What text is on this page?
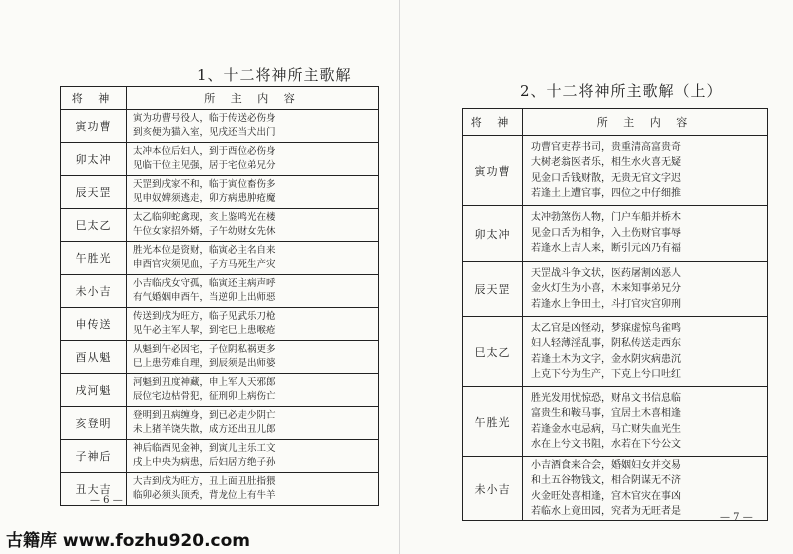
1、十二将神所主歌解
将 神	所 主 内 容
寅功曹	寅为功曹号役人，临于传送必伤身
到亥便为猫入室，见戌还当犬出门

卯太冲	太冲本位后妇人，到于酉位必伤身
见临干位主见强，居于宅位弟兄分

辰天罡	天罡到戌家不和，临于寅位畜伤多
见申奴婢须逃走，卯方病患肿疮魔

巳太乙	太乙临卯蛇禽现，亥上鉴鸣光在楼
午位女家招外婿，子午幼财女先休

午胜光	胜光本位是资财，临寅必主名自来
申酉官灾须见血，子方马死生产灾

未小吉	小吉临戌女守孤，临寅还主病声呼
有气婚姻申酉午，当逆卯上出师惡

申传送	传送到戌为旺方，临子见武乐刀枪
见午必主军人挈，到宅巳上患喉疮

酉从魁	从魁到午必因宅，子位阴私祸更多
巳上患劳难自理，到辰须是出师婆

戌河魁	河魁到丑度神藏，申上军人天邪郎
辰位宅边枯骨犯，征刑卯上病伤亡

亥登明	登明到丑病缠身，到已必走少阴亡
未上猪羊饶失散，成方还出丑儿郎

子神后	神后临酉见金神，到寅儿主乐工文
戌上中央为病患，后妇居方绝子孙

丑大吉	大吉到戌为旺方，丑上面丑肚指猥
临卯必须头顶秃，背龙位上有牛羊
— 6 —
2、十二将神所主歌解（上）
将 神	所 主 内 容
寅功曹	功曹官吏荐书司，贵重清高富贵奇
大树老翁医者乐，相生水火喜无疑
见金口舌钱财散，无贵无官文字迟
若逢土上遭官事，四位之中仔细推

卯太冲	太冲勃煞伤人物，门户车船并桥木
见金口舌为相争，入土伤财官事辱
若逢水上吉人来，断引元凶乃有福

辰天罡	天罡战斗争文状，医药屠割凶恶人
金火灯生为小喜，木来知事弟兄分
若逢水上争田土，斗打官灾宫卯刑

巳太乙	太乙官是凶怪动，梦寐虚惊鸟雀鸣
妇人轻薄淫乱事，阴私传送走西东
若逢土木为文字，金水阴灾病患沉
上克下兮为生产，下克上兮口吐红

午胜光	胜光发用忧惊恐，财帛文书信息临
富贵生和鞍马事，宜居土木喜相逢
若逢金水屯忌病，马亡财失血光生
水在上兮文书阻，水若在下兮公文

未小吉	小吉酒食来合会，婚姻妇女并交易
和土五谷物钱文，相合阴谋无不济
火金旺处喜相逢，宫木官灾在事凶
若临水上竟田园，究者为无旺者是
— 7 —
古籍库 www.fozhu920.com
